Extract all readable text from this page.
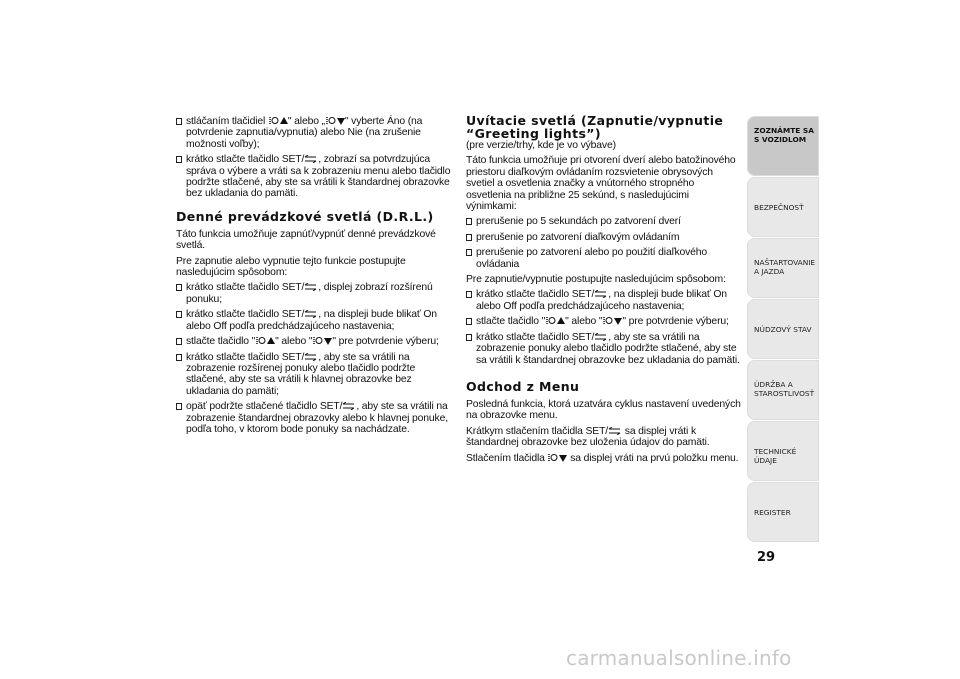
stláčaním tlačidiel " alebo „ " vyberte Áno (na potvrdenie zapnutia/vypnutia) alebo Nie (na zrušenie možnosti voľby);
krátko stlačte tlačidlo SET/ , zobrazí sa potvrdzujúca správa o výbere a vráti sa k zobrazeniu menu alebo tlačidlo podržte stlačené, aby ste sa vrátili k štandardnej obrazovke bez ukladania do pamäti.
Denné prevádzkové svetlá (D.R.L.)
Táto funkcia umožňuje zapnúť/vypnúť denné prevádzkové svetlá.
Pre zapnutie alebo vypnutie tejto funkcie postupujte nasledujúcim spôsobom:
krátko stlačte tlačidlo SET/ , displej zobrazí rozšírenú ponuku;
krátko stlačte tlačidlo SET/ , na displeji bude blikať On alebo Off podľa predchádzajúceho nastavenia;
stlačte tlačidlo " " alebo " " pre potvrdenie výberu;
krátko stlačte tlačidlo SET/ , aby ste sa vrátili na zobrazenie rozšírenej ponuky alebo tlačidlo podržte stlačené, aby ste sa vrátili k hlavnej obrazovke bez ukladania do pamäti;
opäť podržte stlačené tlačidlo SET/ , aby ste sa vrátili na zobrazenie štandardnej obrazovky alebo k hlavnej ponuke, podľa toho, v ktorom bode ponuky sa nachádzate.
Uvítacie svetlá (Zapnutie/vypnutie “Greeting lights”)
(pre verzie/trhy, kde je vo výbave)
Táto funkcia umožňuje pri otvorení dverí alebo batožinového priestoru diaľkovým ovládaním rozsvietenie obrysových svetiel a osvetlenia značky a vnútorného stropného osvetlenia na približne 25 sekúnd, s nasledujúcimi výnimkami:
prerušenie po 5 sekundách po zatvorení dverí
prerušenie po zatvorení diaľkovým ovládaním
prerušenie po zatvorení alebo po použití diaľkového ovládania
Pre zapnutie/vypnutie postupujte nasledujúcim spôsobom:
krátko stlačte tlačidlo SET/ , na displeji bude blikať On alebo Off podľa predchádzajúceho nastavenia;
stlačte tlačidlo " " alebo " " pre potvrdenie výberu;
krátko stlačte tlačidlo SET/ , aby ste sa vrátili na zobrazenie ponuky alebo tlačidlo podržte stlačené, aby ste sa vrátili k štandardnej obrazovke bez ukladania do pamäti.
Odchod z Menu
Posledná funkcia, ktorá uzatvára cyklus nastavení uvedených na obrazovke menu.
Krátkym stlačením tlačidla SET/ sa displej vráti k štandardnej obrazovke bez uloženia údajov do pamäti.
Stlačením tlačidla  sa displej vráti na prvú položku menu.
ZOZNÁMTE SA S VOZIDLOM
BEZPEČNOSŤ
NAŠTARTOVANIE A JAZDA
NÚDZOVÝ STAV
ÚDRŽBA A STAROSTLIVOSŤ
TECHNICKÉ ÚDAJE
REGISTER
29
carmanualsonline.info
